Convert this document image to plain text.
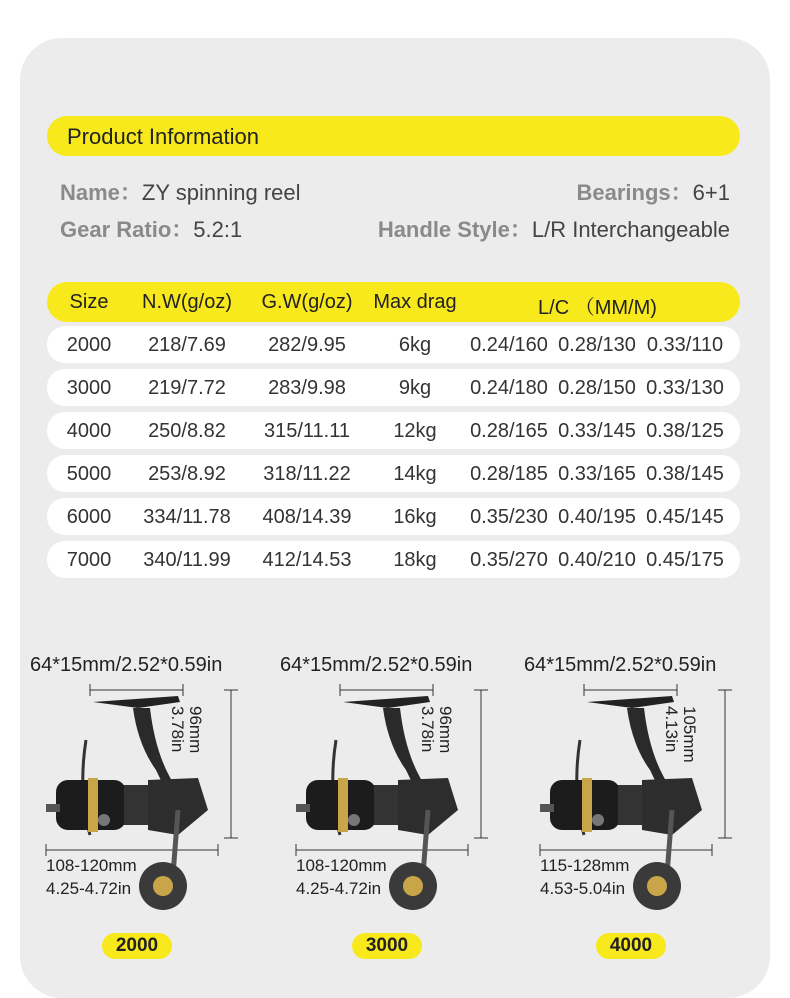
Product Information
Name：ZY spinning reel	Bearings：6+1
Gear Ratio：5.2:1	Handle Style：L/R Interchangeable
Size	N.W(g/oz)	G.W(g/oz)	Max drag	L/C （MM/M)
2000	218/7.69	282/9.95	6kg	0.24/160 0.28/130 0.33/110
3000	219/7.72	283/9.98	9kg	0.24/180 0.28/150 0.33/130
4000	250/8.82	315/11.11	12kg	0.28/165 0.33/145 0.38/125
5000	253/8.92	318/11.22	14kg	0.28/185 0.33/165 0.38/145
6000	334/11.78	408/14.39	16kg	0.35/230 0.40/195 0.45/145
7000	340/11.99	412/14.53	18kg	0.35/270 0.40/210 0.45/175
64*15mm/2.52*0.59in
96mm
3.78in
108-120mm
4.25-4.72in
2000
64*15mm/2.52*0.59in
96mm
3.78in
108-120mm
4.25-4.72in
3000
64*15mm/2.52*0.59in
105mm
4.13in
115-128mm
4.53-5.04in
4000
